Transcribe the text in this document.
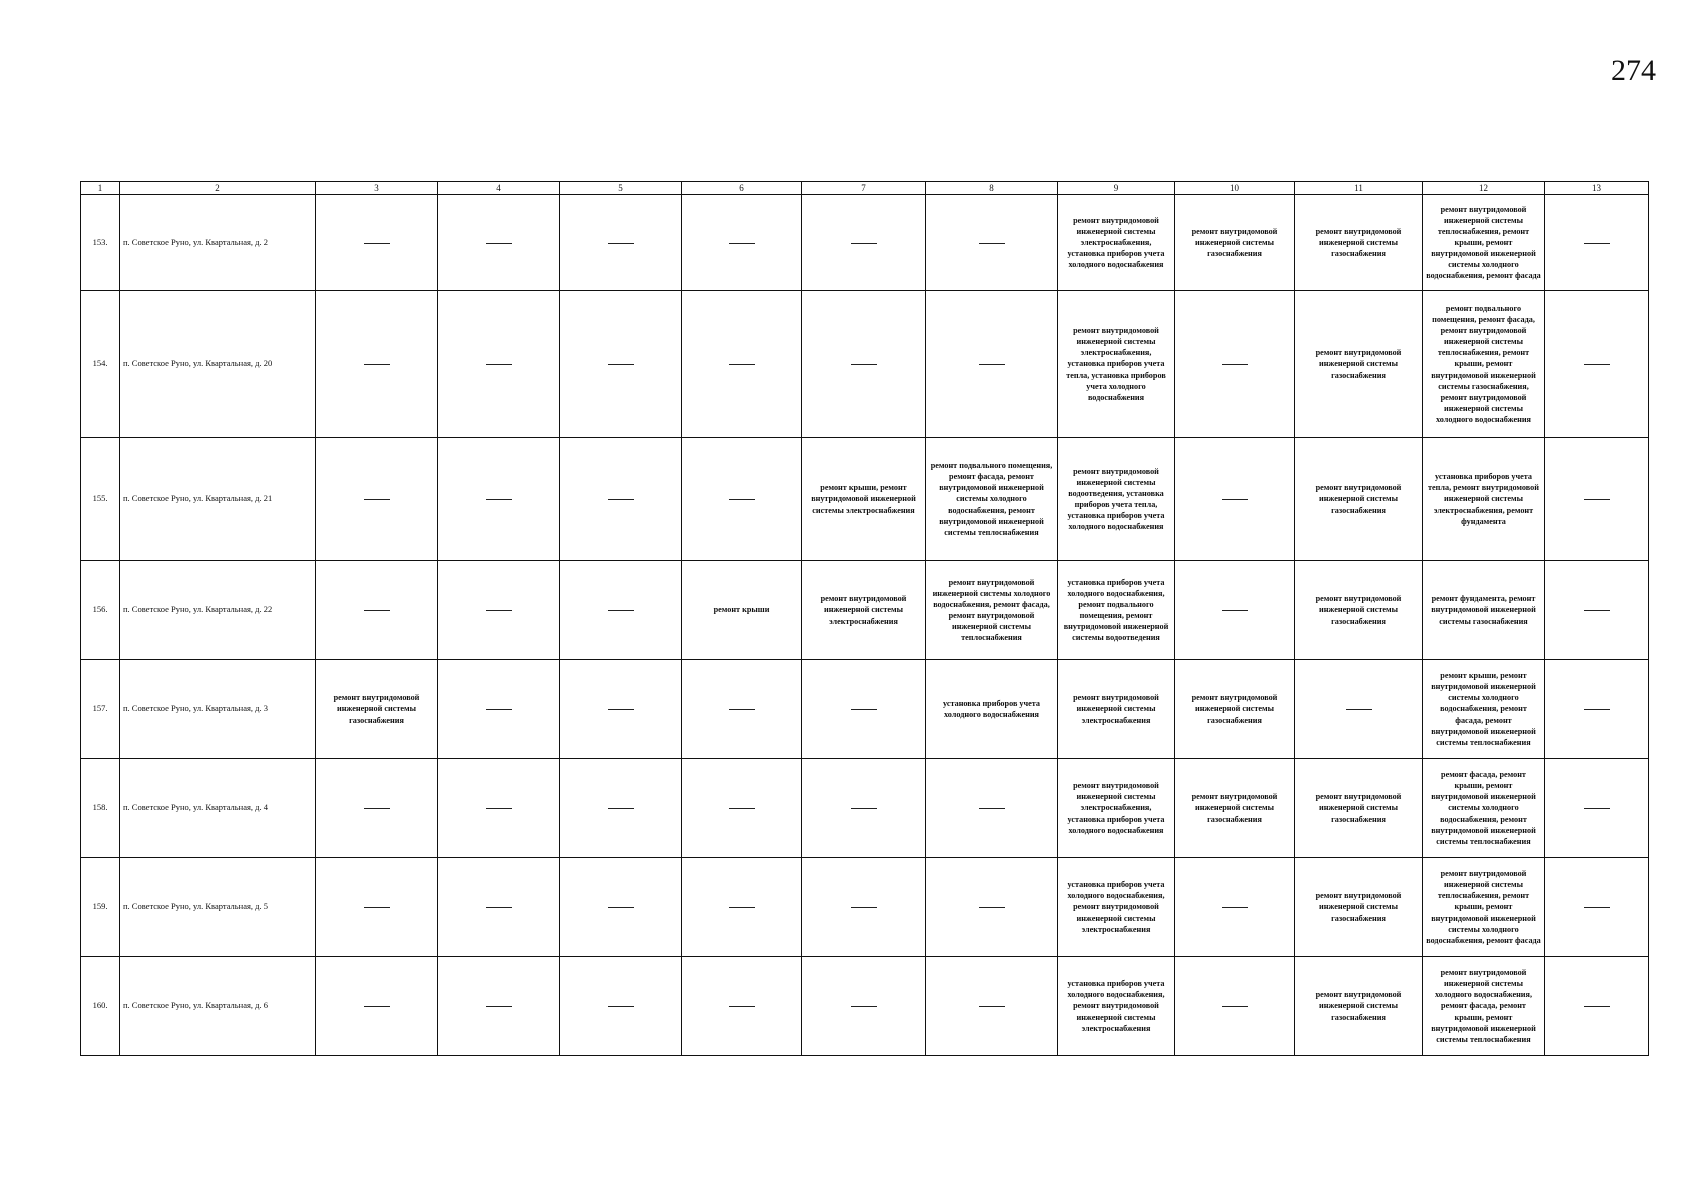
274
1	2	3	4	5	6	7	8	9	10	11	12	13
153.	п. Советское Руно, ул. Квартальная, д. 2							ремонт внутридомовой инженерной системы электроснабжения, установка приборов учета холодного водоснабжения	ремонт внутридомовой инженерной системы газоснабжения	ремонт внутридомовой инженерной системы газоснабжения	ремонт внутридомовой инженерной системы теплоснабжения, ремонт крыши, ремонт внутридомовой инженерной системы холодного водоснабжения, ремонт фасада	
154.	п. Советское Руно, ул. Квартальная, д. 20							ремонт внутридомовой инженерной системы электроснабжения, установка приборов учета тепла, установка приборов учета холодного водоснабжения		ремонт внутридомовой инженерной системы газоснабжения	ремонт подвального помещения, ремонт фасада, ремонт внутридомовой инженерной системы теплоснабжения, ремонт крыши, ремонт внутридомовой инженерной системы газоснабжения, ремонт внутридомовой инженерной системы холодного водоснабжения	
155.	п. Советское Руно, ул. Квартальная, д. 21					ремонт крыши, ремонт внутридомовой инженерной системы электроснабжения	ремонт подвального помещения, ремонт фасада, ремонт внутридомовой инженерной системы холодного водоснабжения, ремонт внутридомовой инженерной системы теплоснабжения	ремонт внутридомовой инженерной системы водоотведения, установка приборов учета тепла, установка приборов учета холодного водоснабжения		ремонт внутридомовой инженерной системы газоснабжения	установка приборов учета тепла, ремонт внутридомовой инженерной системы электроснабжения, ремонт фундамента	
156.	п. Советское Руно, ул. Квартальная, д. 22				ремонт крыши	ремонт внутридомовой инженерной системы электроснабжения	ремонт внутридомовой инженерной системы холодного водоснабжения, ремонт фасада, ремонт внутридомовой инженерной системы теплоснабжения	установка приборов учета холодного водоснабжения, ремонт подвального помещения, ремонт внутридомовой инженерной системы водоотведения		ремонт внутридомовой инженерной системы газоснабжения	ремонт фундамента, ремонт внутридомовой инженерной системы газоснабжения	
157.	п. Советское Руно, ул. Квартальная, д. 3	ремонт внутридомовой инженерной системы газоснабжения					установка приборов учета холодного водоснабжения	ремонт внутридомовой инженерной системы электроснабжения	ремонт внутридомовой инженерной системы газоснабжения		ремонт крыши, ремонт внутридомовой инженерной системы холодного водоснабжения, ремонт фасада, ремонт внутридомовой инженерной системы теплоснабжения	
158.	п. Советское Руно, ул. Квартальная, д. 4							ремонт внутридомовой инженерной системы электроснабжения, установка приборов учета холодного водоснабжения	ремонт внутридомовой инженерной системы газоснабжения	ремонт внутридомовой инженерной системы газоснабжения	ремонт фасада, ремонт крыши, ремонт внутридомовой инженерной системы холодного водоснабжения, ремонт внутридомовой инженерной системы теплоснабжения	
159.	п. Советское Руно, ул. Квартальная, д. 5							установка приборов учета холодного водоснабжения, ремонт внутридомовой инженерной системы электроснабжения		ремонт внутридомовой инженерной системы газоснабжения	ремонт внутридомовой инженерной системы теплоснабжения, ремонт крыши, ремонт внутридомовой инженерной системы холодного водоснабжения, ремонт фасада	
160.	п. Советское Руно, ул. Квартальная, д. 6							установка приборов учета холодного водоснабжения, ремонт внутридомовой инженерной системы электроснабжения		ремонт внутридомовой инженерной системы газоснабжения	ремонт внутридомовой инженерной системы холодного водоснабжения, ремонт фасада, ремонт крыши, ремонт внутридомовой инженерной системы теплоснабжения	
